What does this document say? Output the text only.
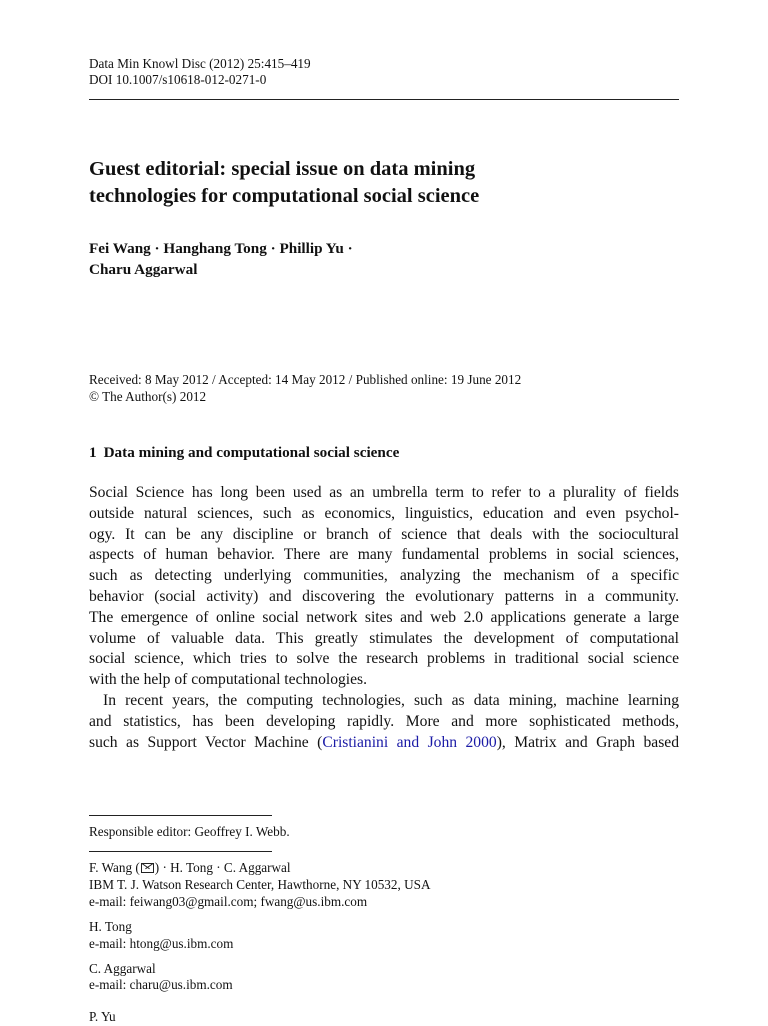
Data Min Knowl Disc (2012) 25:415–419
DOI 10.1007/s10618-012-0271-0
Guest editorial: special issue on data mining
technologies for computational social science
Fei Wang · Hanghang Tong · Phillip Yu ·
Charu Aggarwal
Received: 8 May 2012 / Accepted: 14 May 2012 / Published online: 19 June 2012
© The Author(s) 2012
1 Data mining and computational social science
Social Science has long been used as an umbrella term to refer to a plurality of fields
outside natural sciences, such as economics, linguistics, education and even psychol-
ogy. It can be any discipline or branch of science that deals with the sociocultural
aspects of human behavior. There are many fundamental problems in social sciences,
such as detecting underlying communities, analyzing the mechanism of a specific
behavior (social activity) and discovering the evolutionary patterns in a community.
The emergence of online social network sites and web 2.0 applications generate a large
volume of valuable data. This greatly stimulates the development of computational
social science, which tries to solve the research problems in traditional social science
with the help of computational technologies.
In recent years, the computing technologies, such as data mining, machine learning
and statistics, has been developing rapidly. More and more sophisticated methods,
such as Support Vector Machine (Cristianini and John 2000), Matrix and Graph based
Responsible editor: Geoffrey I. Webb.
F. Wang ( ) · H. Tong · C. Aggarwal
IBM T. J. Watson Research Center, Hawthorne, NY 10532, USA
e-mail: feiwang03@gmail.com; fwang@us.ibm.com
H. Tong
e-mail: htong@us.ibm.com
C. Aggarwal
e-mail: charu@us.ibm.com
P. Yu
